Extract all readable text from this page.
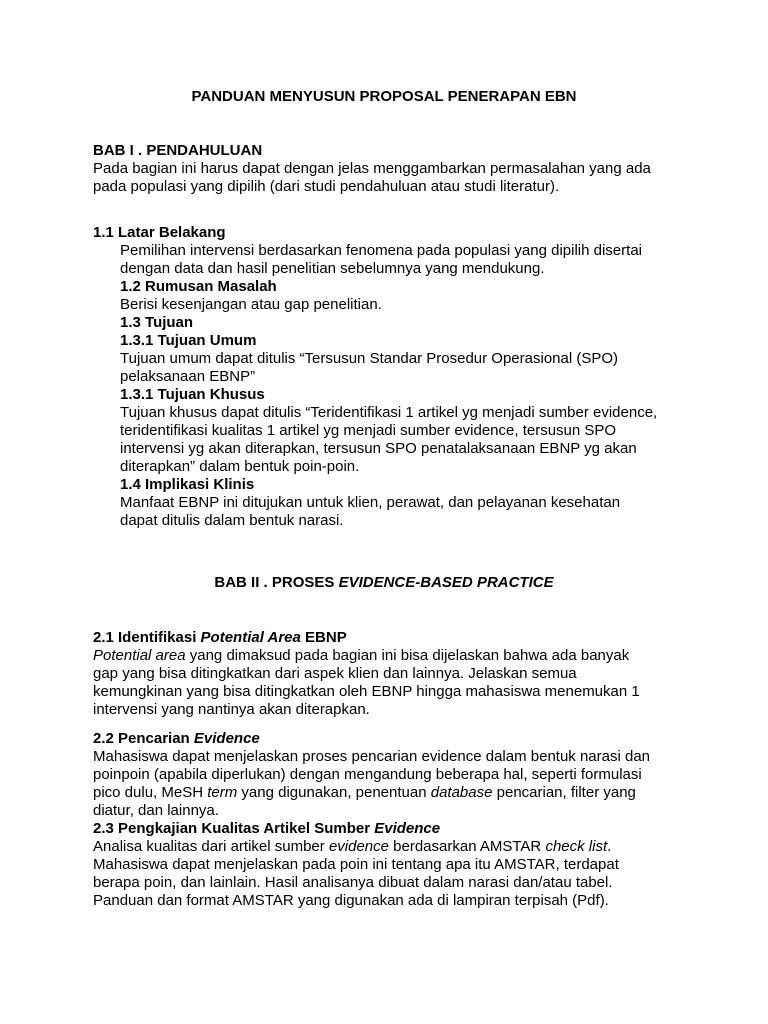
PANDUAN MENYUSUN PROPOSAL PENERAPAN EBN

BAB I . PENDAHULUAN

Pada bagian ini harus dapat dengan jelas menggambarkan permasalahan yang ada

pada populasi yang dipilih (dari studi pendahuluan atau studi literatur).

1.1 Latar Belakang

Pemilihan intervensi berdasarkan fenomena pada populasi yang dipilih disertai

dengan data dan hasil penelitian sebelumnya yang mendukung.

1.2 Rumusan Masalah

Berisi kesenjangan atau gap penelitian.

1.3 Tujuan

1.3.1 Tujuan Umum

Tujuan umum dapat ditulis “Tersusun Standar Prosedur Operasional (SPO)

pelaksanaan EBNP”

1.3.1 Tujuan Khusus

Tujuan khusus dapat ditulis “Teridentifikasi 1 artikel yg menjadi sumber evidence,

teridentifikasi kualitas 1 artikel yg menjadi sumber evidence, tersusun SPO

intervensi yg akan diterapkan, tersusun SPO penatalaksanaan EBNP yg akan

diterapkan” dalam bentuk poin-poin.

1.4 Implikasi Klinis

Manfaat EBNP ini ditujukan untuk klien, perawat, dan pelayanan kesehatan

dapat ditulis dalam bentuk narasi.

BAB II . PROSES EVIDENCE-BASED PRACTICE

2.1 Identifikasi Potential Area EBNP

Potential area yang dimaksud pada bagian ini bisa dijelaskan bahwa ada banyak

gap yang bisa ditingkatkan dari aspek klien dan lainnya. Jelaskan semua

kemungkinan yang bisa ditingkatkan oleh EBNP hingga mahasiswa menemukan 1

intervensi yang nantinya akan diterapkan.

2.2 Pencarian Evidence

Mahasiswa dapat menjelaskan proses pencarian evidence dalam bentuk narasi dan

poinpoin (apabila diperlukan) dengan mengandung beberapa hal, seperti formulasi

pico dulu, MeSH term yang digunakan, penentuan database pencarian, filter yang

diatur, dan lainnya.

2.3 Pengkajian Kualitas Artikel Sumber Evidence

Analisa kualitas dari artikel sumber evidence berdasarkan AMSTAR check list.

Mahasiswa dapat menjelaskan pada poin ini tentang apa itu AMSTAR, terdapat

berapa poin, dan lainlain. Hasil analisanya dibuat dalam narasi dan/atau tabel.

Panduan dan format AMSTAR yang digunakan ada di lampiran terpisah (Pdf).
